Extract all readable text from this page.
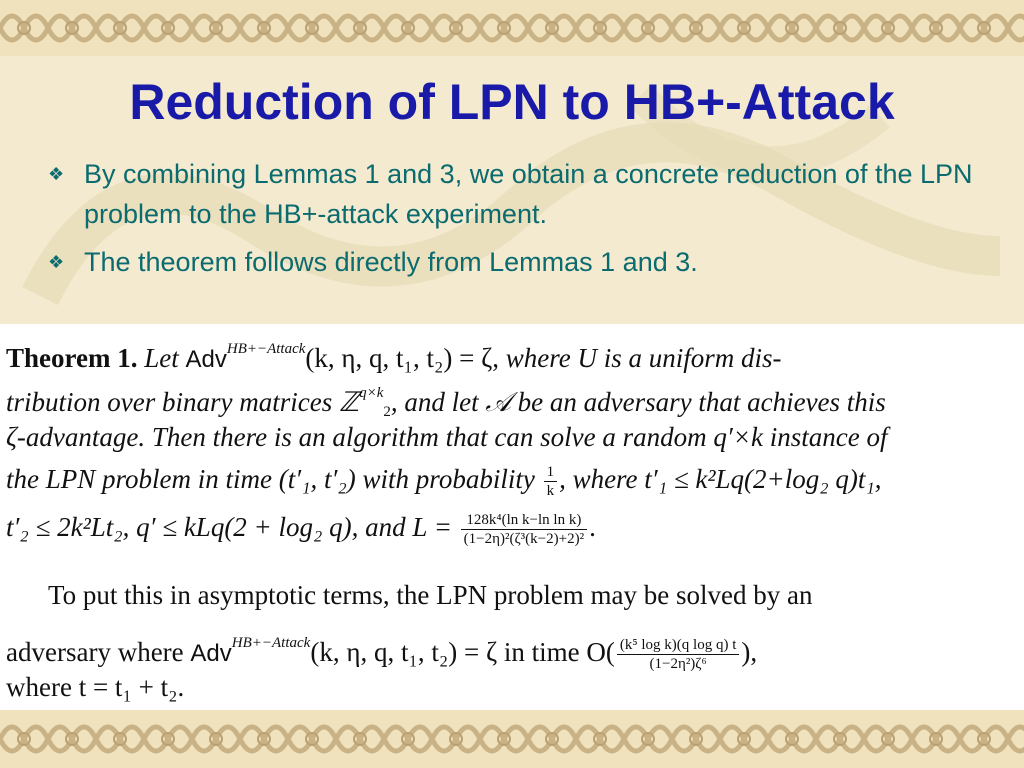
Reduction of LPN to HB+-Attack
❖ By combining Lemmas 1 and 3, we obtain a concrete reduction of the LPN problem to the HB+-attack experiment.
❖ The theorem follows directly from Lemmas 1 and 3.
Theorem 1. Let Adv$^{HB+-Attack}$(k, η, q, t₁, t₂) = ζ, where U is a uniform dis-
tribution over binary matrices ℤ$^{q\times k}_2$, and let 𝒜 be an adversary that achieves this
ζ-advantage. Then there is an algorithm that can solve a random q′×k instance of
the LPN problem in time (t′₁, t′₂) with probability $\frac{1}{k}$ , where t′₁ ≤ k²Lq(2+log₂ q)t₁,
t′₂ ≤ 2k²Lt₂, q′ ≤ kLq(2 + log₂ q), and $L = \frac{\text{128k⁴(ln k−ln ln k)}}{\text{(1−2η)²(ζ³(k−2)+2)²}}$ .
To put this in asymptotic terms, the LPN problem may be solved by an
adversary where Adv$^{HB+-Attack}$(k, η, q, t₁, t₂) = ζ in time $O( \frac{\text{(k⁵ log k)(q log q) t}}{\text{(1−2η²)ζ⁶}}$ ),
where t = t₁ + t₂.
